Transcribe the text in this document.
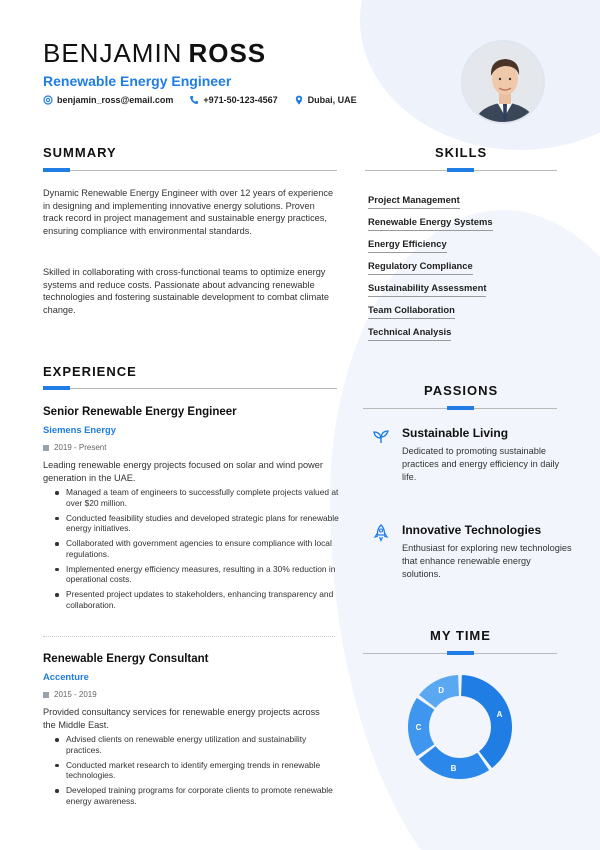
BENJAMIN ROSS
Renewable Energy Engineer
benjamin_ross@email.com	+971-50-123-4567	Dubai, UAE
SUMMARY
Dynamic Renewable Energy Engineer with over 12 years of experience in designing and implementing innovative energy solutions. Proven track record in project management and sustainable energy practices, ensuring compliance with environmental standards.
Skilled in collaborating with cross-functional teams to optimize energy systems and reduce costs. Passionate about advancing renewable technologies and fostering sustainable development to combat climate change.
SKILLS
Project Management
Renewable Energy Systems
Energy Efficiency
Regulatory Compliance
Sustainability Assessment
Team Collaboration
Technical Analysis
EXPERIENCE
Senior Renewable Energy Engineer
Siemens Energy
2019 - Present
Leading renewable energy projects focused on solar and wind power generation in the UAE.
Managed a team of engineers to successfully complete projects valued at over $20 million.
Conducted feasibility studies and developed strategic plans for renewable energy initiatives.
Collaborated with government agencies to ensure compliance with local regulations.
Implemented energy efficiency measures, resulting in a 30% reduction in operational costs.
Presented project updates to stakeholders, enhancing transparency and collaboration.
Renewable Energy Consultant
Accenture
2015 - 2019
Provided consultancy services for renewable energy projects across the Middle East.
Advised clients on renewable energy utilization and sustainability practices.
Conducted market research to identify emerging trends in renewable technologies.
Developed training programs for corporate clients to promote renewable energy awareness.
PASSIONS
Sustainable Living
Dedicated to promoting sustainable practices and energy efficiency in daily life.
Innovative Technologies
Enthusiast for exploring new technologies that enhance renewable energy solutions.
MY TIME
A
B
C
D
